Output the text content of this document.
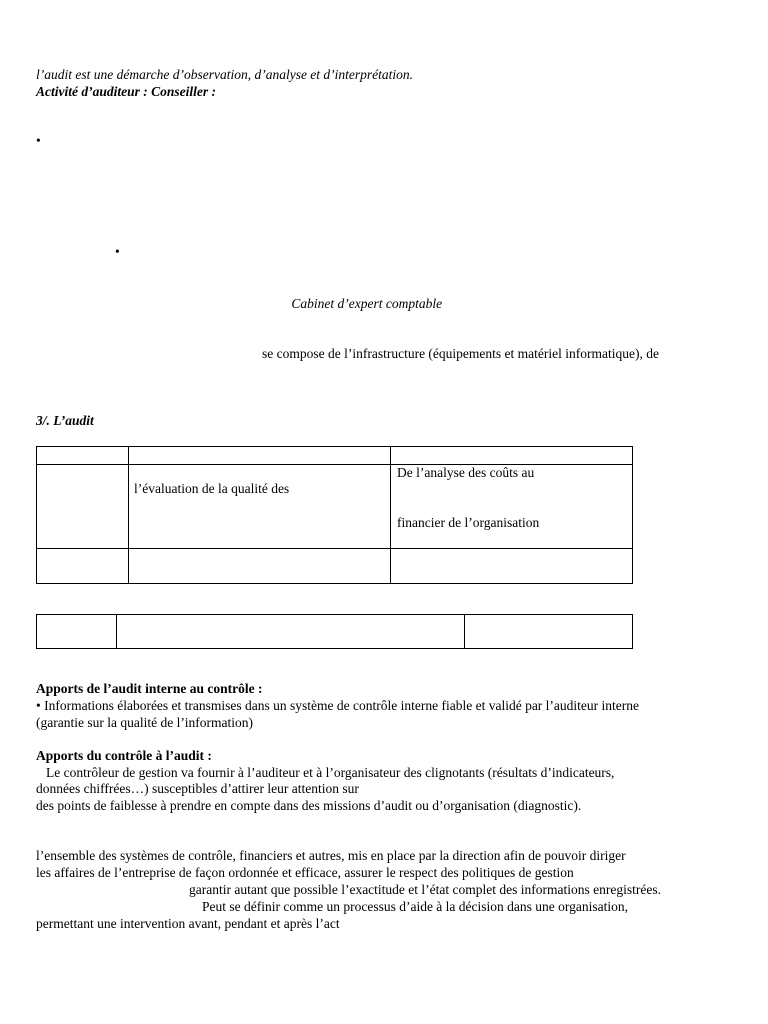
l’audit est une démarche d’observation, d’analyse et d’interprétation.
Activité d’auditeur : Conseiller :
•
•
Cabinet d’expert comptable
se compose de l’infrastructure (équipements et matériel informatique), de
3/. L’audit

	l’évaluation de la qualité des	De l’analyse des coûts au
financier de l’organisation

Apports de l’audit interne au contrôle :
• Informations élaborées et transmises dans un système de contrôle interne fiable et validé par l’auditeur interne
(garantie sur la qualité de l’information)
Apports du contrôle à l’audit :
Le contrôleur de gestion va fournir à l’auditeur et à l’organisateur des clignotants (résultats d’indicateurs,
données chiffrées…) susceptibles d’attirer leur attention sur
des points de faiblesse à prendre en compte dans des missions d’audit ou d’organisation (diagnostic).
l’ensemble des systèmes de contrôle, financiers et autres, mis en place par la direction afin de pouvoir diriger
les affaires de l’entreprise de façon ordonnée et efficace, assurer le respect des politiques de gestion
garantir autant que possible l’exactitude et l’état complet des informations enregistrées.
Peut se définir comme un processus d’aide à la décision dans une organisation,
permettant une intervention avant, pendant et après l’act
